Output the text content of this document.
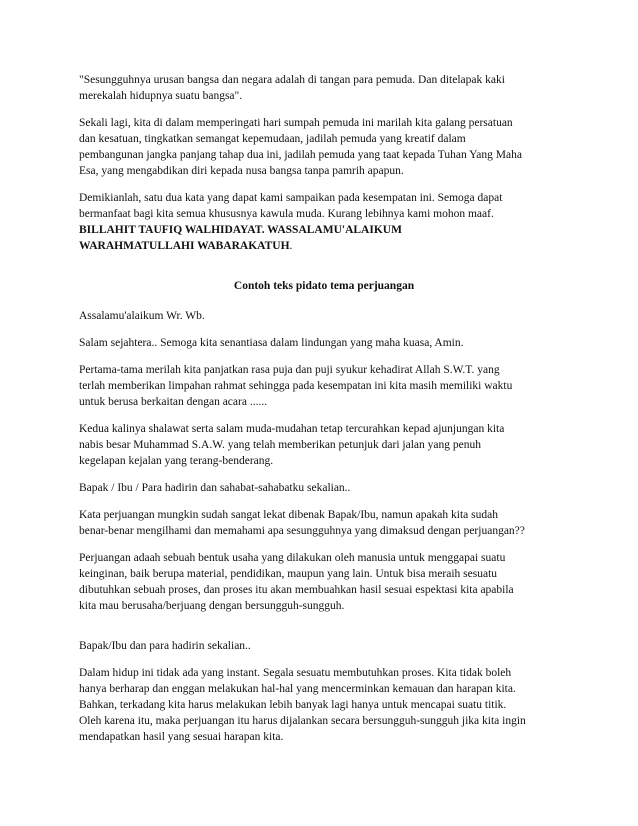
"Sesungguhnya urusan bangsa dan negara adalah di tangan para pemuda. Dan ditelapak kaki
merekalah hidupnya suatu bangsa".
Sekali lagi, kita di dalam memperingati hari sumpah pemuda ini marilah kita galang persatuan
dan kesatuan, tingkatkan semangat kepemudaan, jadilah pemuda yang kreatif dalam
pembangunan jangka panjang tahap dua ini, jadilah pemuda yang taat kepada Tuhan Yang Maha
Esa, yang mengabdikan diri kepada nusa bangsa tanpa pamrih apapun.
Demikianlah, satu dua kata yang dapat kami sampaikan pada kesempatan ini. Semoga dapat
bermanfaat bagi kita semua khususnya kawula muda. Kurang lebihnya kami mohon maaf.
BILLAHIT TAUFIQ WALHIDAYAT. WASSALAMU'ALAIKUM
WARAHMATULLAHI WABARAKATUH.
Contoh teks pidato tema perjuangan
Assalamu'alaikum Wr. Wb.
Salam sejahtera.. Semoga kita senantiasa dalam lindungan yang maha kuasa, Amin.
Pertama-tama merilah kita panjatkan rasa puja dan puji syukur kehadirat Allah S.W.T. yang
terlah memberikan limpahan rahmat sehingga pada kesempatan ini kita masih memiliki waktu
untuk berusa berkaitan dengan acara ......
Kedua kalinya shalawat serta salam muda-mudahan tetap tercurahkan kepad ajunjungan kita
nabis besar Muhammad S.A.W. yang telah memberikan petunjuk dari jalan yang penuh
kegelapan kejalan yang terang-benderang.
Bapak / Ibu / Para hadirin dan sahabat-sahabatku sekalian..
Kata perjuangan mungkin sudah sangat lekat dibenak Bapak/Ibu, namun apakah kita sudah
benar-benar mengilhami dan memahami apa sesungguhnya yang dimaksud dengan perjuangan??
Perjuangan adaah sebuah bentuk usaha yang dilakukan oleh manusia untuk menggapai suatu
keinginan, baik berupa material, pendidikan, maupun yang lain. Untuk bisa meraih sesuatu
dibutuhkan sebuah proses, dan proses itu akan membuahkan hasil sesuai espektasi kita apabila
kita mau berusaha/berjuang dengan bersungguh-sungguh.
Bapak/Ibu dan para hadirin sekalian..
Dalam hidup ini tidak ada yang instant. Segala sesuatu membutuhkan proses. Kita tidak boleh
hanya berharap dan enggan melakukan hal-hal yang mencerminkan kemauan dan harapan kita.
Bahkan, terkadang kita harus melakukan lebih banyak lagi hanya untuk mencapai suatu titik.
Oleh karena itu, maka perjuangan itu harus dijalankan secara bersungguh-sungguh jika kita ingin
mendapatkan hasil yang sesuai harapan kita.
